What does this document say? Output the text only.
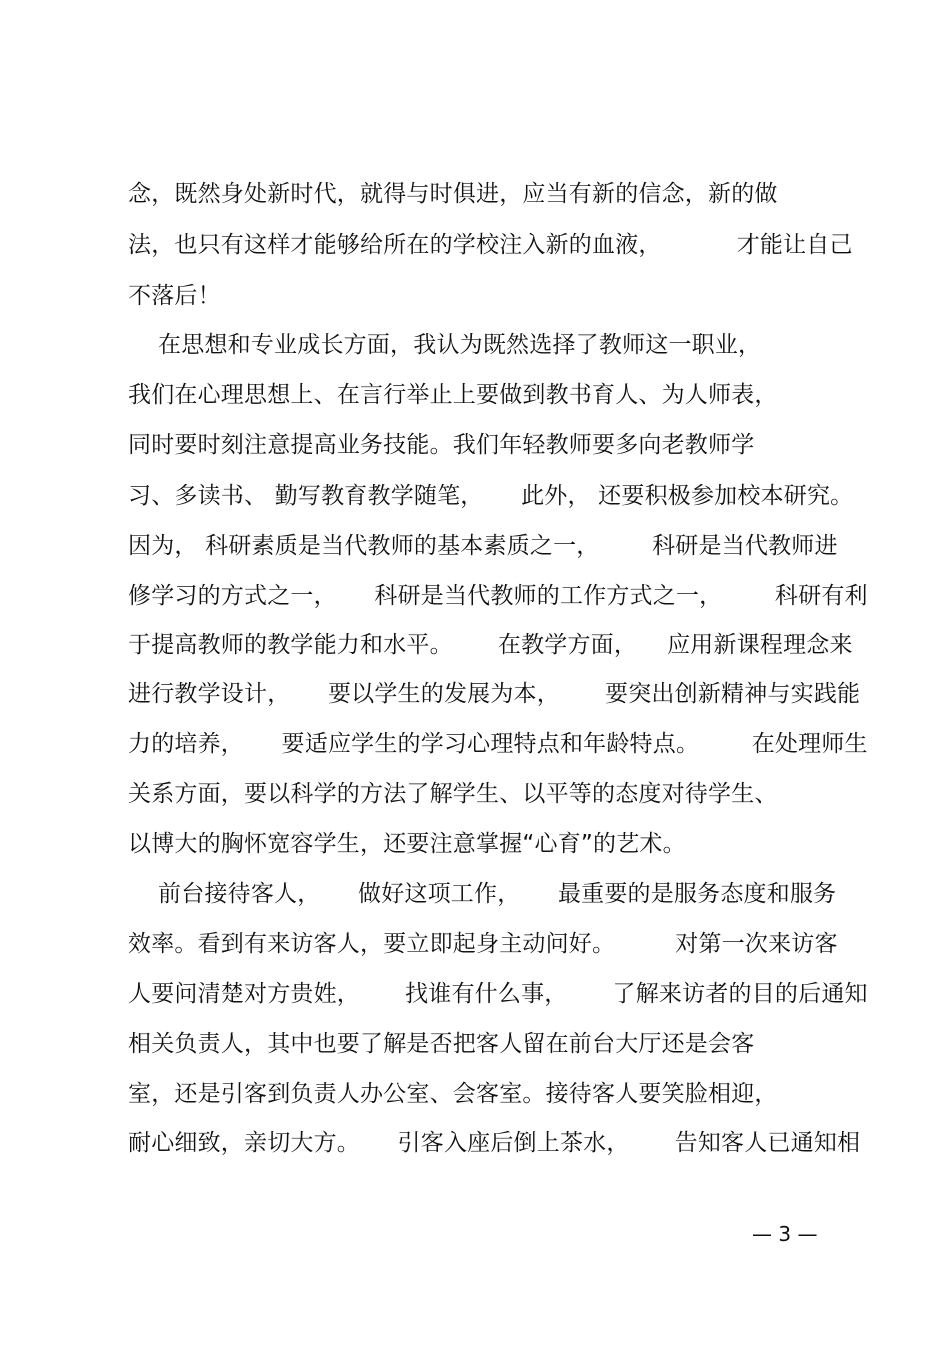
念，既然身处新时代，就得与时俱进，应当有新的信念，新的做
法，也只有这样才能够给所在的学校注入新的血液，          才能让自己
不落后！
在思想和专业成长方面，我认为既然选择了教师这一职业，
我们在心理思想上、在言行举止上要做到教书育人、为人师表，
同时要时刻注意提高业务技能。我们年轻教师要多向老教师学
习、多读书、 勤写教育教学随笔，     此外， 还要积极参加校本研究。
因为， 科研素质是当代教师的基本素质之一，       科研是当代教师进
修学习的方式之一，     科研是当代教师的工作方式之一，       科研有利
于提高教师的教学能力和水平。      在教学方面，    应用新课程理念来
进行教学设计，     要以学生的发展为本，      要突出创新精神与实践能
力的培养，     要适应学生的学习心理特点和年龄特点。       在处理师生
关系方面，要以科学的方法了解学生、以平等的态度对待学生、
以博大的胸怀宽容学生，还要注意掌握“心育”的艺术。
前台接待客人，     做好这项工作，     最重要的是服务态度和服务
效率。看到有来访客人，要立即起身主动问好。        对第一次来访客
人要问清楚对方贵姓，      找谁有什么事，      了解来访者的目的后通知
相关负责人，其中也要了解是否把客人留在前台大厅还是会客
室，还是引客到负责人办公室、会客室。接待客人要笑脸相迎，
耐心细致，亲切大方。     引客入座后倒上茶水，      告知客人已通知相
— 3 —
